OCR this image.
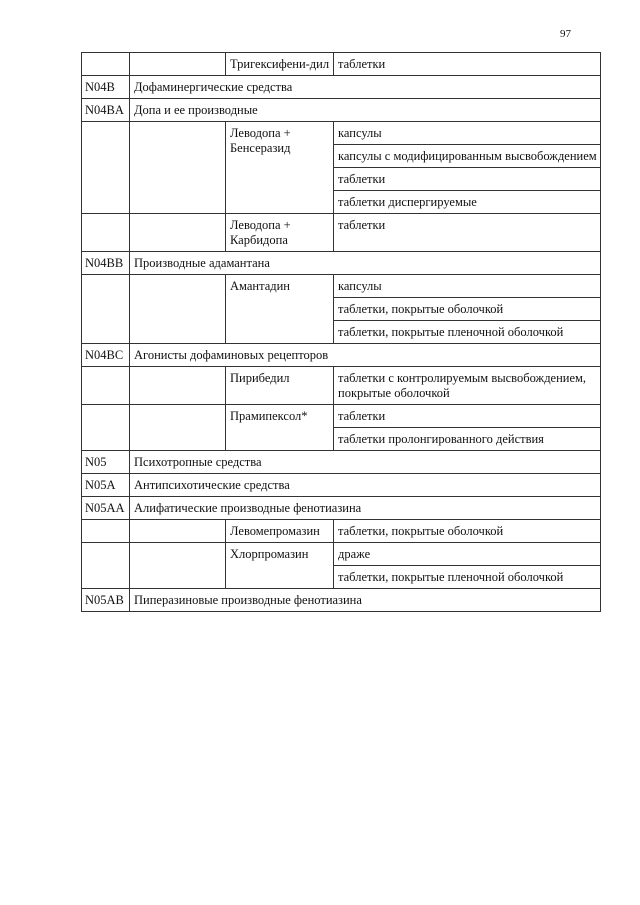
97
		Тригексифени-дил	таблетки
N04B	Дофаминергические средства		
N04BA	Допа и ее производные		
		Леводопа + Бенсеразид	капсулы
			капсулы с модифицированным высвобождением
			таблетки
			таблетки диспергируемые
		Леводопа + Карбидопа	таблетки
N04BB	Производные адамантана		
		Амантадин	капсулы
			таблетки, покрытые оболочкой
			таблетки, покрытые пленочной оболочкой
N04BC	Агонисты дофаминовых рецепторов		
		Пирибедил	таблетки с контролируемым высвобождением, покрытые оболочкой
		Прамипексол*	таблетки
			таблетки пролонгированного действия
N05	Психотропные средства		
N05A	Антипсихотические средства		
N05AA	Алифатические производные фенотиазина		
		Левомепромазин	таблетки, покрытые оболочкой
		Хлорпромазин	драже
			таблетки, покрытые пленочной оболочкой
N05AB	Пиперазиновые производные фенотиазина		
